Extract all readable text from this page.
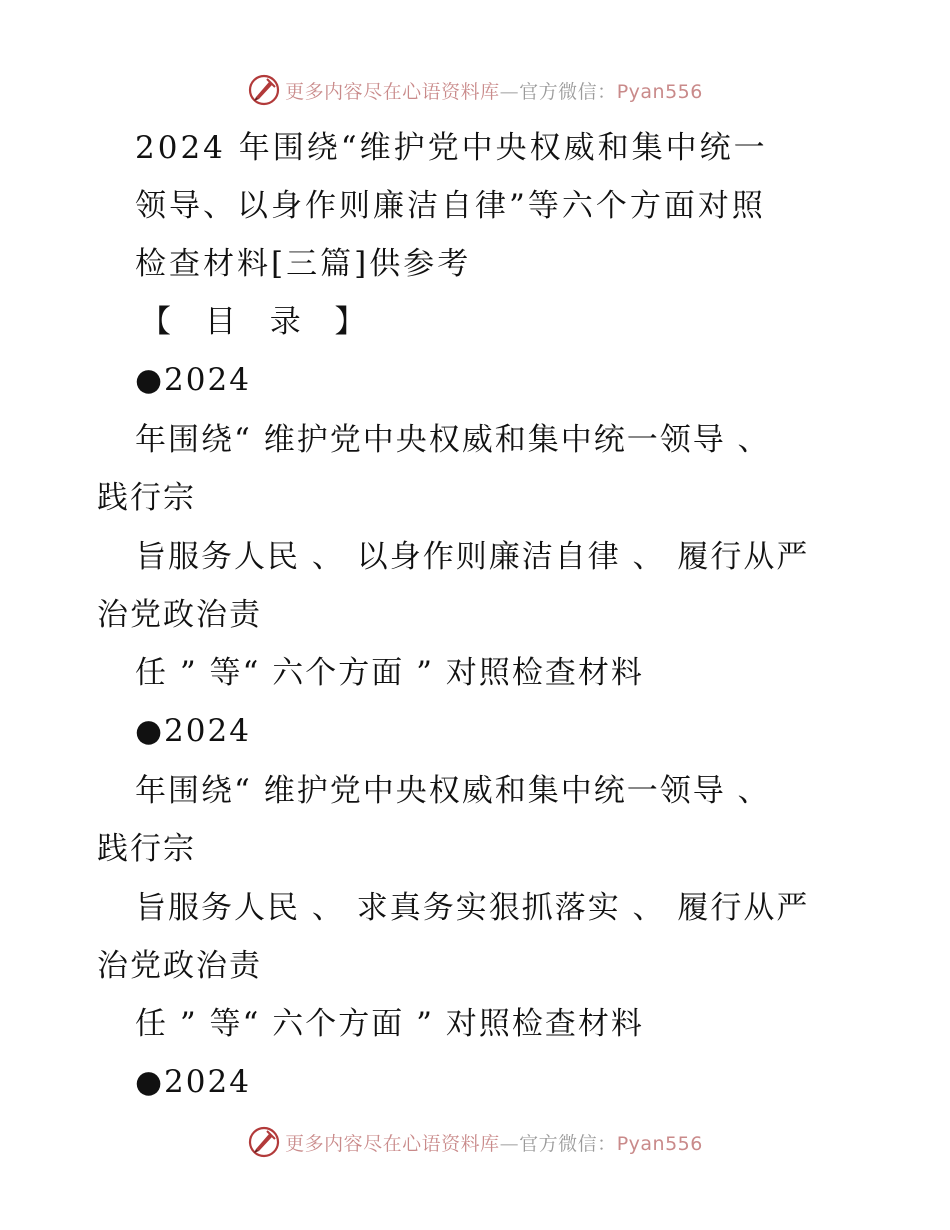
更多内容尽在心语资料库—官方微信：Pyan556
2024 年围绕“维护党中央权威和集中统一
领导、以身作则廉洁自律”等六个方面对照
检查材料[三篇]供参考
【 目 录 】
●2024
年围绕“ 维护党中央权威和集中统一领导 、
践行宗
旨服务人民 、 以身作则廉洁自律 、 履行从严
治党政治责
任 ” 等“ 六个方面 ” 对照检查材料
●2024
年围绕“ 维护党中央权威和集中统一领导 、
践行宗
旨服务人民 、 求真务实狠抓落实 、 履行从严
治党政治责
任 ” 等“ 六个方面 ” 对照检查材料
●2024
更多内容尽在心语资料库—官方微信：Pyan556
